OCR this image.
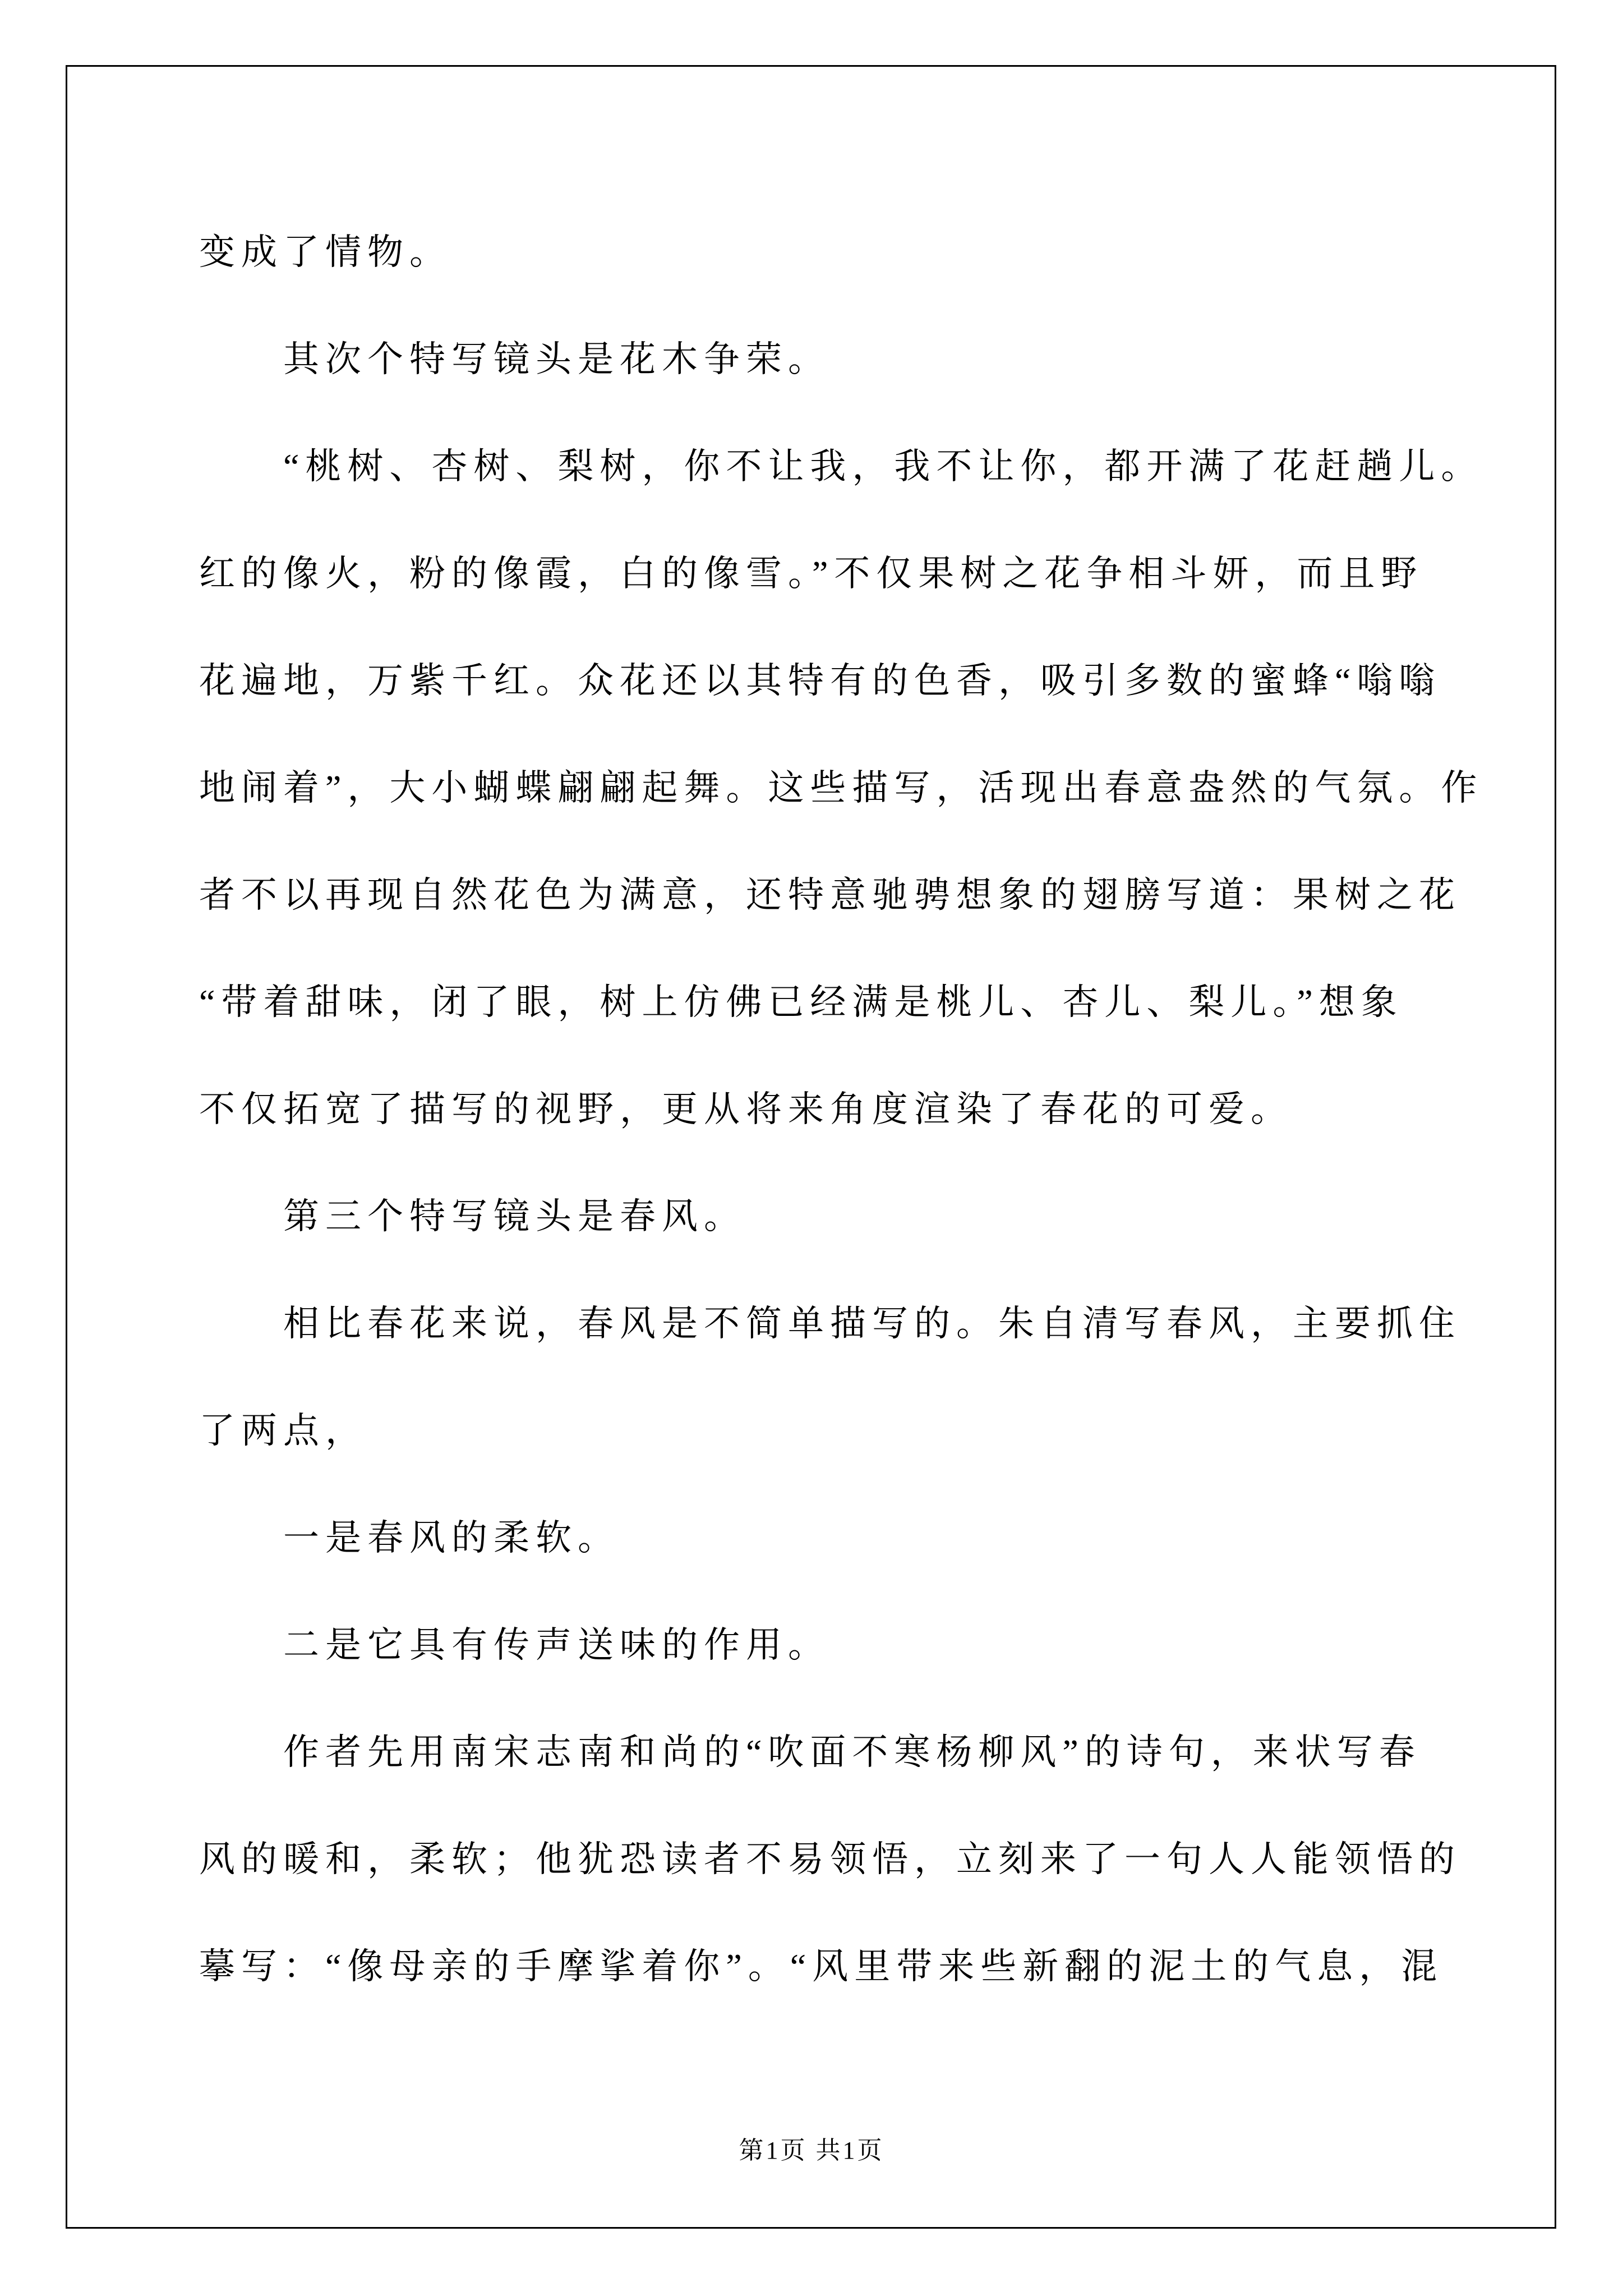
变成了情物。
其次个特写镜头是花木争荣。
“桃树、杏树、梨树，你不让我，我不让你，都开满了花赶趟儿。
红的像火，粉的像霞，白的像雪。”不仅果树之花争相斗妍，而且野
花遍地，万紫千红。众花还以其特有的色香，吸引多数的蜜蜂“嗡嗡
地闹着”，大小蝴蝶翩翩起舞。这些描写，活现出春意盎然的气氛。作
者不以再现自然花色为满意，还特意驰骋想象的翅膀写道：果树之花
“带着甜味，闭了眼，树上仿佛已经满是桃儿、杏儿、梨儿。”想象
不仅拓宽了描写的视野，更从将来角度渲染了春花的可爱。
第三个特写镜头是春风。
相比春花来说，春风是不简单描写的。朱自清写春风，主要抓住
了两点，
一是春风的柔软。
二是它具有传声送味的作用。
作者先用南宋志南和尚的“吹面不寒杨柳风”的诗句，来状写春
风的暖和，柔软；他犹恐读者不易领悟，立刻来了一句人人能领悟的
摹写：“像母亲的手摩挲着你”。“风里带来些新翻的泥土的气息，混
第1页 共1页
